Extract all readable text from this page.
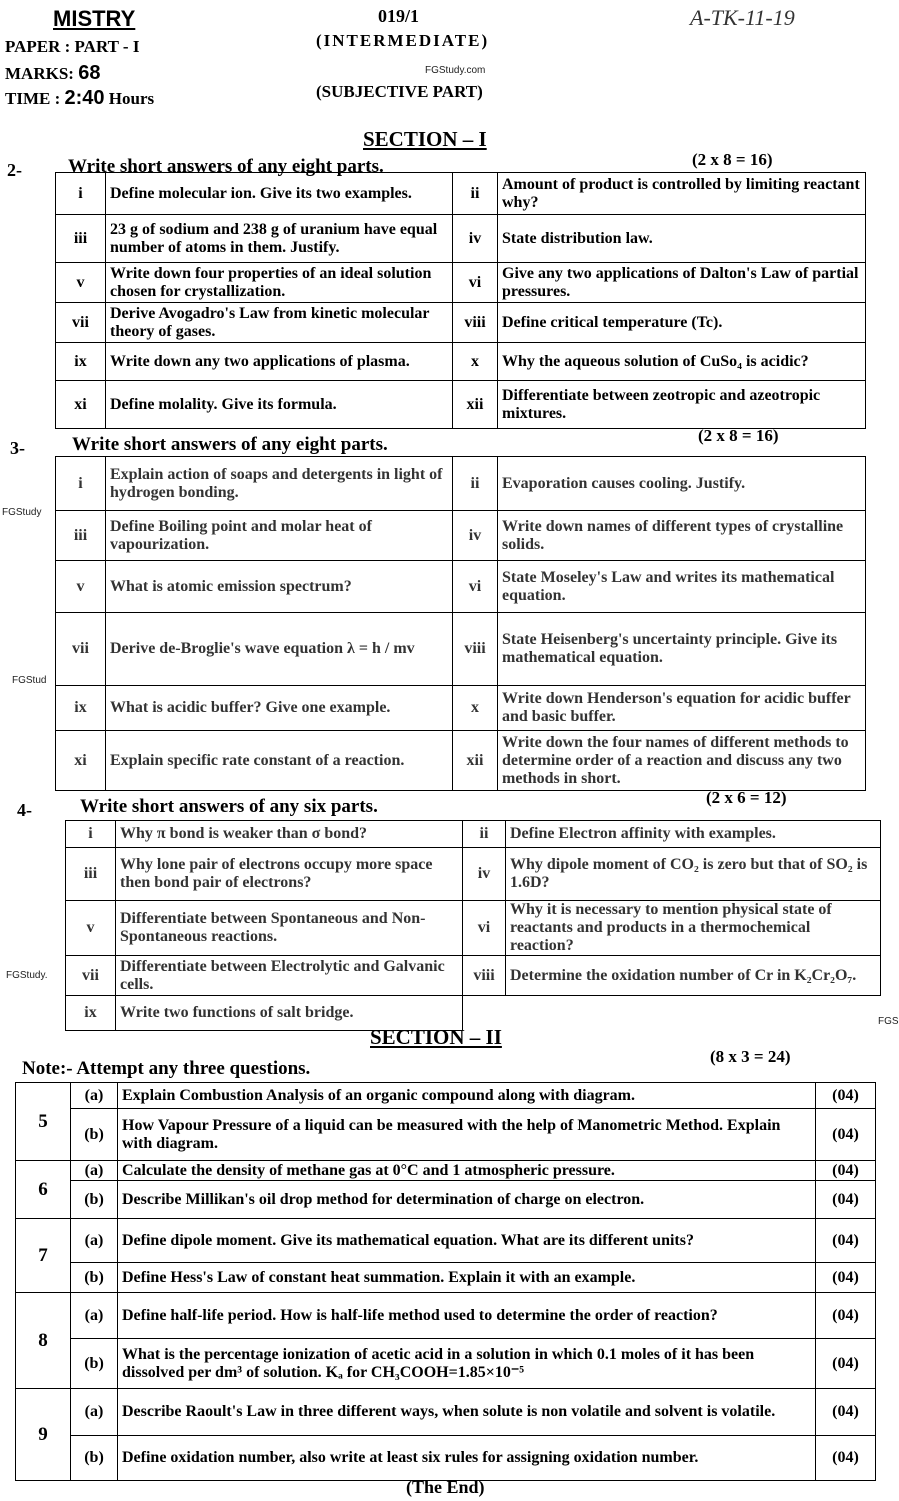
MISTRY
PAPER : PART - I
MARKS: 68
TIME : 2:40 Hours
019/1
(INTERMEDIATE)
FGStudy.com
(SUBJECTIVE PART)
A-TK-11-19
SECTION – I
2- Write short answers of any eight parts.	(2 x 8 = 16)
i	Define molecular ion. Give its two examples.	ii	Amount of product is controlled by limiting reactant why?
iii	23 g of sodium and 238 g of uranium have equal number of atoms in them. Justify.	iv	State distribution law.
v	Write down four properties of an ideal solution chosen for crystallization.	vi	Give any two applications of Dalton's Law of partial pressures.
vii	Derive Avogadro's Law from kinetic molecular theory of gases.	viii	Define critical temperature (Tc).
ix	Write down any two applications of plasma.	x	Why the aqueous solution of CuSo₄ is acidic?
xi	Define molality. Give its formula.	xii	Differentiate between zeotropic and azeotropic mixtures.
3- Write short answers of any eight parts.	(2 x 8 = 16)
i	Explain action of soaps and detergents in light of hydrogen bonding.	ii	Evaporation causes cooling. Justify.
iii	Define Boiling point and molar heat of vapourization.	iv	Write down names of different types of crystalline solids.
v	What is atomic emission spectrum?	vi	State Moseley's Law and writes its mathematical equation.
vii	Derive de-Broglie's wave equation λ = h / mv	viii	State Heisenberg's uncertainty principle. Give its mathematical equation.
ix	What is acidic buffer? Give one example.	x	Write down Henderson's equation for acidic buffer and basic buffer.
xi	Explain specific rate constant of a reaction.	xii	Write down the four names of different methods to determine order of a reaction and discuss any two methods in short.
4-	Write short answers of any six parts.	(2 x 6 = 12)
i	Why π bond is weaker than σ bond?	ii	Define Electron affinity with examples.
iii	Why lone pair of electrons occupy more space then bond pair of electrons?	iv	Why dipole moment of CO₂ is zero but that of SO₂ is 1.6D?
v	Differentiate between Spontaneous and Non-Spontaneous reactions.	vi	Why it is necessary to mention physical state of reactants and products in a thermochemical reaction?
vii	Differentiate between Electrolytic and Galvanic cells.	viii	Determine the oxidation number of Cr in K₂Cr₂O₇.
ix	Write two functions of salt bridge.		
SECTION – II
Note:- Attempt any three questions.
(8 x 3 = 24)
5	(a)	Explain Combustion Analysis of an organic compound along with diagram.	(04)
	(b)	How Vapour Pressure of a liquid can be measured with the help of Manometric Method. Explain with diagram.	(04)
6	(a)	Calculate the density of methane gas at 0°C and 1 atmospheric pressure.	(04)
	(b)	Describe Millikan's oil drop method for determination of charge on electron.	(04)
7	(a)	Define dipole moment. Give its mathematical equation. What are its different units?	(04)
	(b)	Define Hess's Law of constant heat summation. Explain it with an example.	(04)
8	(a)	Define half-life period. How is half-life method used to determine the order of reaction?	(04)
	(b)	What is the percentage ionization of acetic acid in a solution in which 0.1 moles of it has been dissolved per dm³ of solution. Kₐ for CH₃COOH=1.85×10⁻⁵	(04)
9	(a)	Describe Raoult's Law in three different ways, when solute is non volatile and solvent is volatile.	(04)
	(b)	Define oxidation number, also write at least six rules for assigning oxidation number.	(04)
(The End)
FGStudy
FGStud
FGStudy.
FGS
